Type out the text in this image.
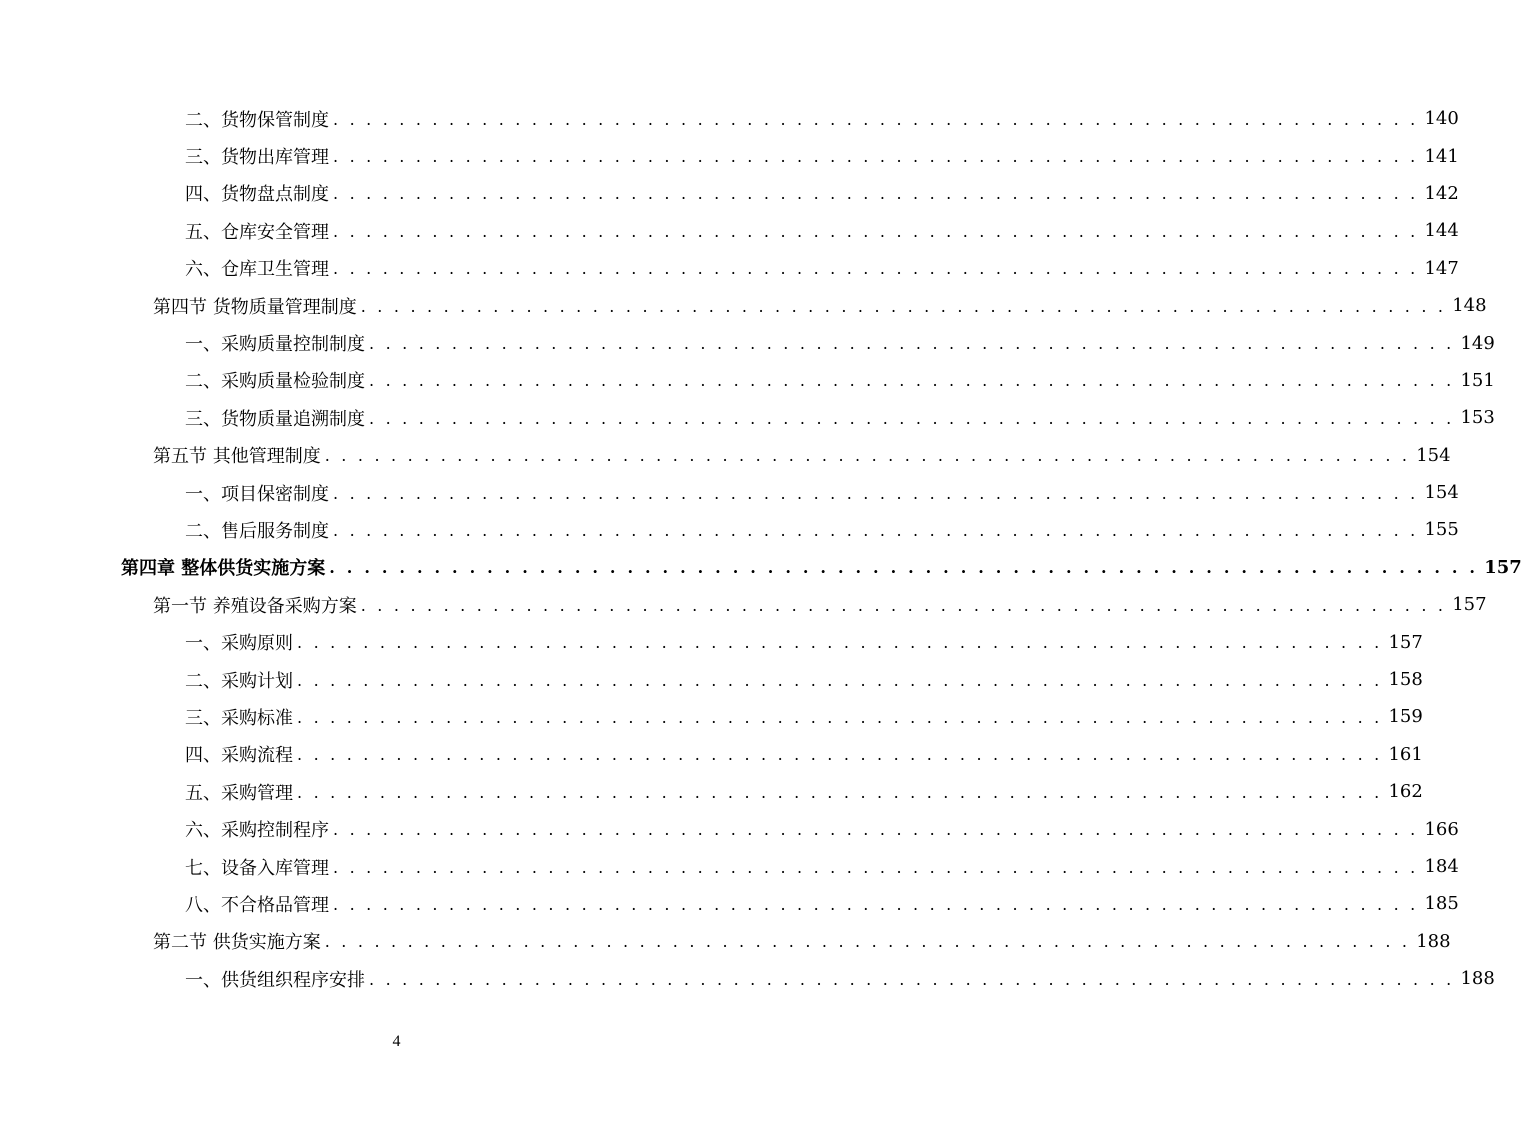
二、货物保管制度 . . . . . . . . . . . . . . . . . . . . . . . . . . . . . . . . . . . . . . . . . . . . . . . . . . . . . . . . . . . . . . . . . . 140
三、货物出库管理 . . . . . . . . . . . . . . . . . . . . . . . . . . . . . . . . . . . . . . . . . . . . . . . . . . . . . . . . . . . . . . . . . . 141
四、货物盘点制度 . . . . . . . . . . . . . . . . . . . . . . . . . . . . . . . . . . . . . . . . . . . . . . . . . . . . . . . . . . . . . . . . . . 142
五、仓库安全管理 . . . . . . . . . . . . . . . . . . . . . . . . . . . . . . . . . . . . . . . . . . . . . . . . . . . . . . . . . . . . . . . . . . 144
六、仓库卫生管理 . . . . . . . . . . . . . . . . . . . . . . . . . . . . . . . . . . . . . . . . . . . . . . . . . . . . . . . . . . . . . . . . . . 147
第四节 货物质量管理制度 . . . . . . . . . . . . . . . . . . . . . . . . . . . . . . . . . . . . . . . . . . . . . . . . . . . . . . . . . . . . . . . . . . 148
一、采购质量控制制度 . . . . . . . . . . . . . . . . . . . . . . . . . . . . . . . . . . . . . . . . . . . . . . . . . . . . . . . . . . . . . . . . . . 149
二、采购质量检验制度 . . . . . . . . . . . . . . . . . . . . . . . . . . . . . . . . . . . . . . . . . . . . . . . . . . . . . . . . . . . . . . . . . . 151
三、货物质量追溯制度 . . . . . . . . . . . . . . . . . . . . . . . . . . . . . . . . . . . . . . . . . . . . . . . . . . . . . . . . . . . . . . . . . . 153
第五节 其他管理制度 . . . . . . . . . . . . . . . . . . . . . . . . . . . . . . . . . . . . . . . . . . . . . . . . . . . . . . . . . . . . . . . . . . 154
一、项目保密制度 . . . . . . . . . . . . . . . . . . . . . . . . . . . . . . . . . . . . . . . . . . . . . . . . . . . . . . . . . . . . . . . . . . 154
二、售后服务制度 . . . . . . . . . . . . . . . . . . . . . . . . . . . . . . . . . . . . . . . . . . . . . . . . . . . . . . . . . . . . . . . . . . 155
第四章 整体供货实施方案 . . . . . . . . . . . . . . . . . . . . . . . . . . . . . . . . . . . . . . . . . . . . . . . . . . . . . . . . . . . . . . . . . . 157
第一节 养殖设备采购方案 . . . . . . . . . . . . . . . . . . . . . . . . . . . . . . . . . . . . . . . . . . . . . . . . . . . . . . . . . . . . . . . . . . 157
一、采购原则 . . . . . . . . . . . . . . . . . . . . . . . . . . . . . . . . . . . . . . . . . . . . . . . . . . . . . . . . . . . . . . . . . . 157
二、采购计划 . . . . . . . . . . . . . . . . . . . . . . . . . . . . . . . . . . . . . . . . . . . . . . . . . . . . . . . . . . . . . . . . . . 158
三、采购标准 . . . . . . . . . . . . . . . . . . . . . . . . . . . . . . . . . . . . . . . . . . . . . . . . . . . . . . . . . . . . . . . . . . 159
四、采购流程 . . . . . . . . . . . . . . . . . . . . . . . . . . . . . . . . . . . . . . . . . . . . . . . . . . . . . . . . . . . . . . . . . . 161
五、采购管理 . . . . . . . . . . . . . . . . . . . . . . . . . . . . . . . . . . . . . . . . . . . . . . . . . . . . . . . . . . . . . . . . . . 162
六、采购控制程序 . . . . . . . . . . . . . . . . . . . . . . . . . . . . . . . . . . . . . . . . . . . . . . . . . . . . . . . . . . . . . . . . . . 166
七、设备入库管理 . . . . . . . . . . . . . . . . . . . . . . . . . . . . . . . . . . . . . . . . . . . . . . . . . . . . . . . . . . . . . . . . . . 184
八、不合格品管理 . . . . . . . . . . . . . . . . . . . . . . . . . . . . . . . . . . . . . . . . . . . . . . . . . . . . . . . . . . . . . . . . . . 185
第二节 供货实施方案 . . . . . . . . . . . . . . . . . . . . . . . . . . . . . . . . . . . . . . . . . . . . . . . . . . . . . . . . . . . . . . . . . . 188
一、供货组织程序安排 . . . . . . . . . . . . . . . . . . . . . . . . . . . . . . . . . . . . . . . . . . . . . . . . . . . . . . . . . . . . . . . . . . 188
4
